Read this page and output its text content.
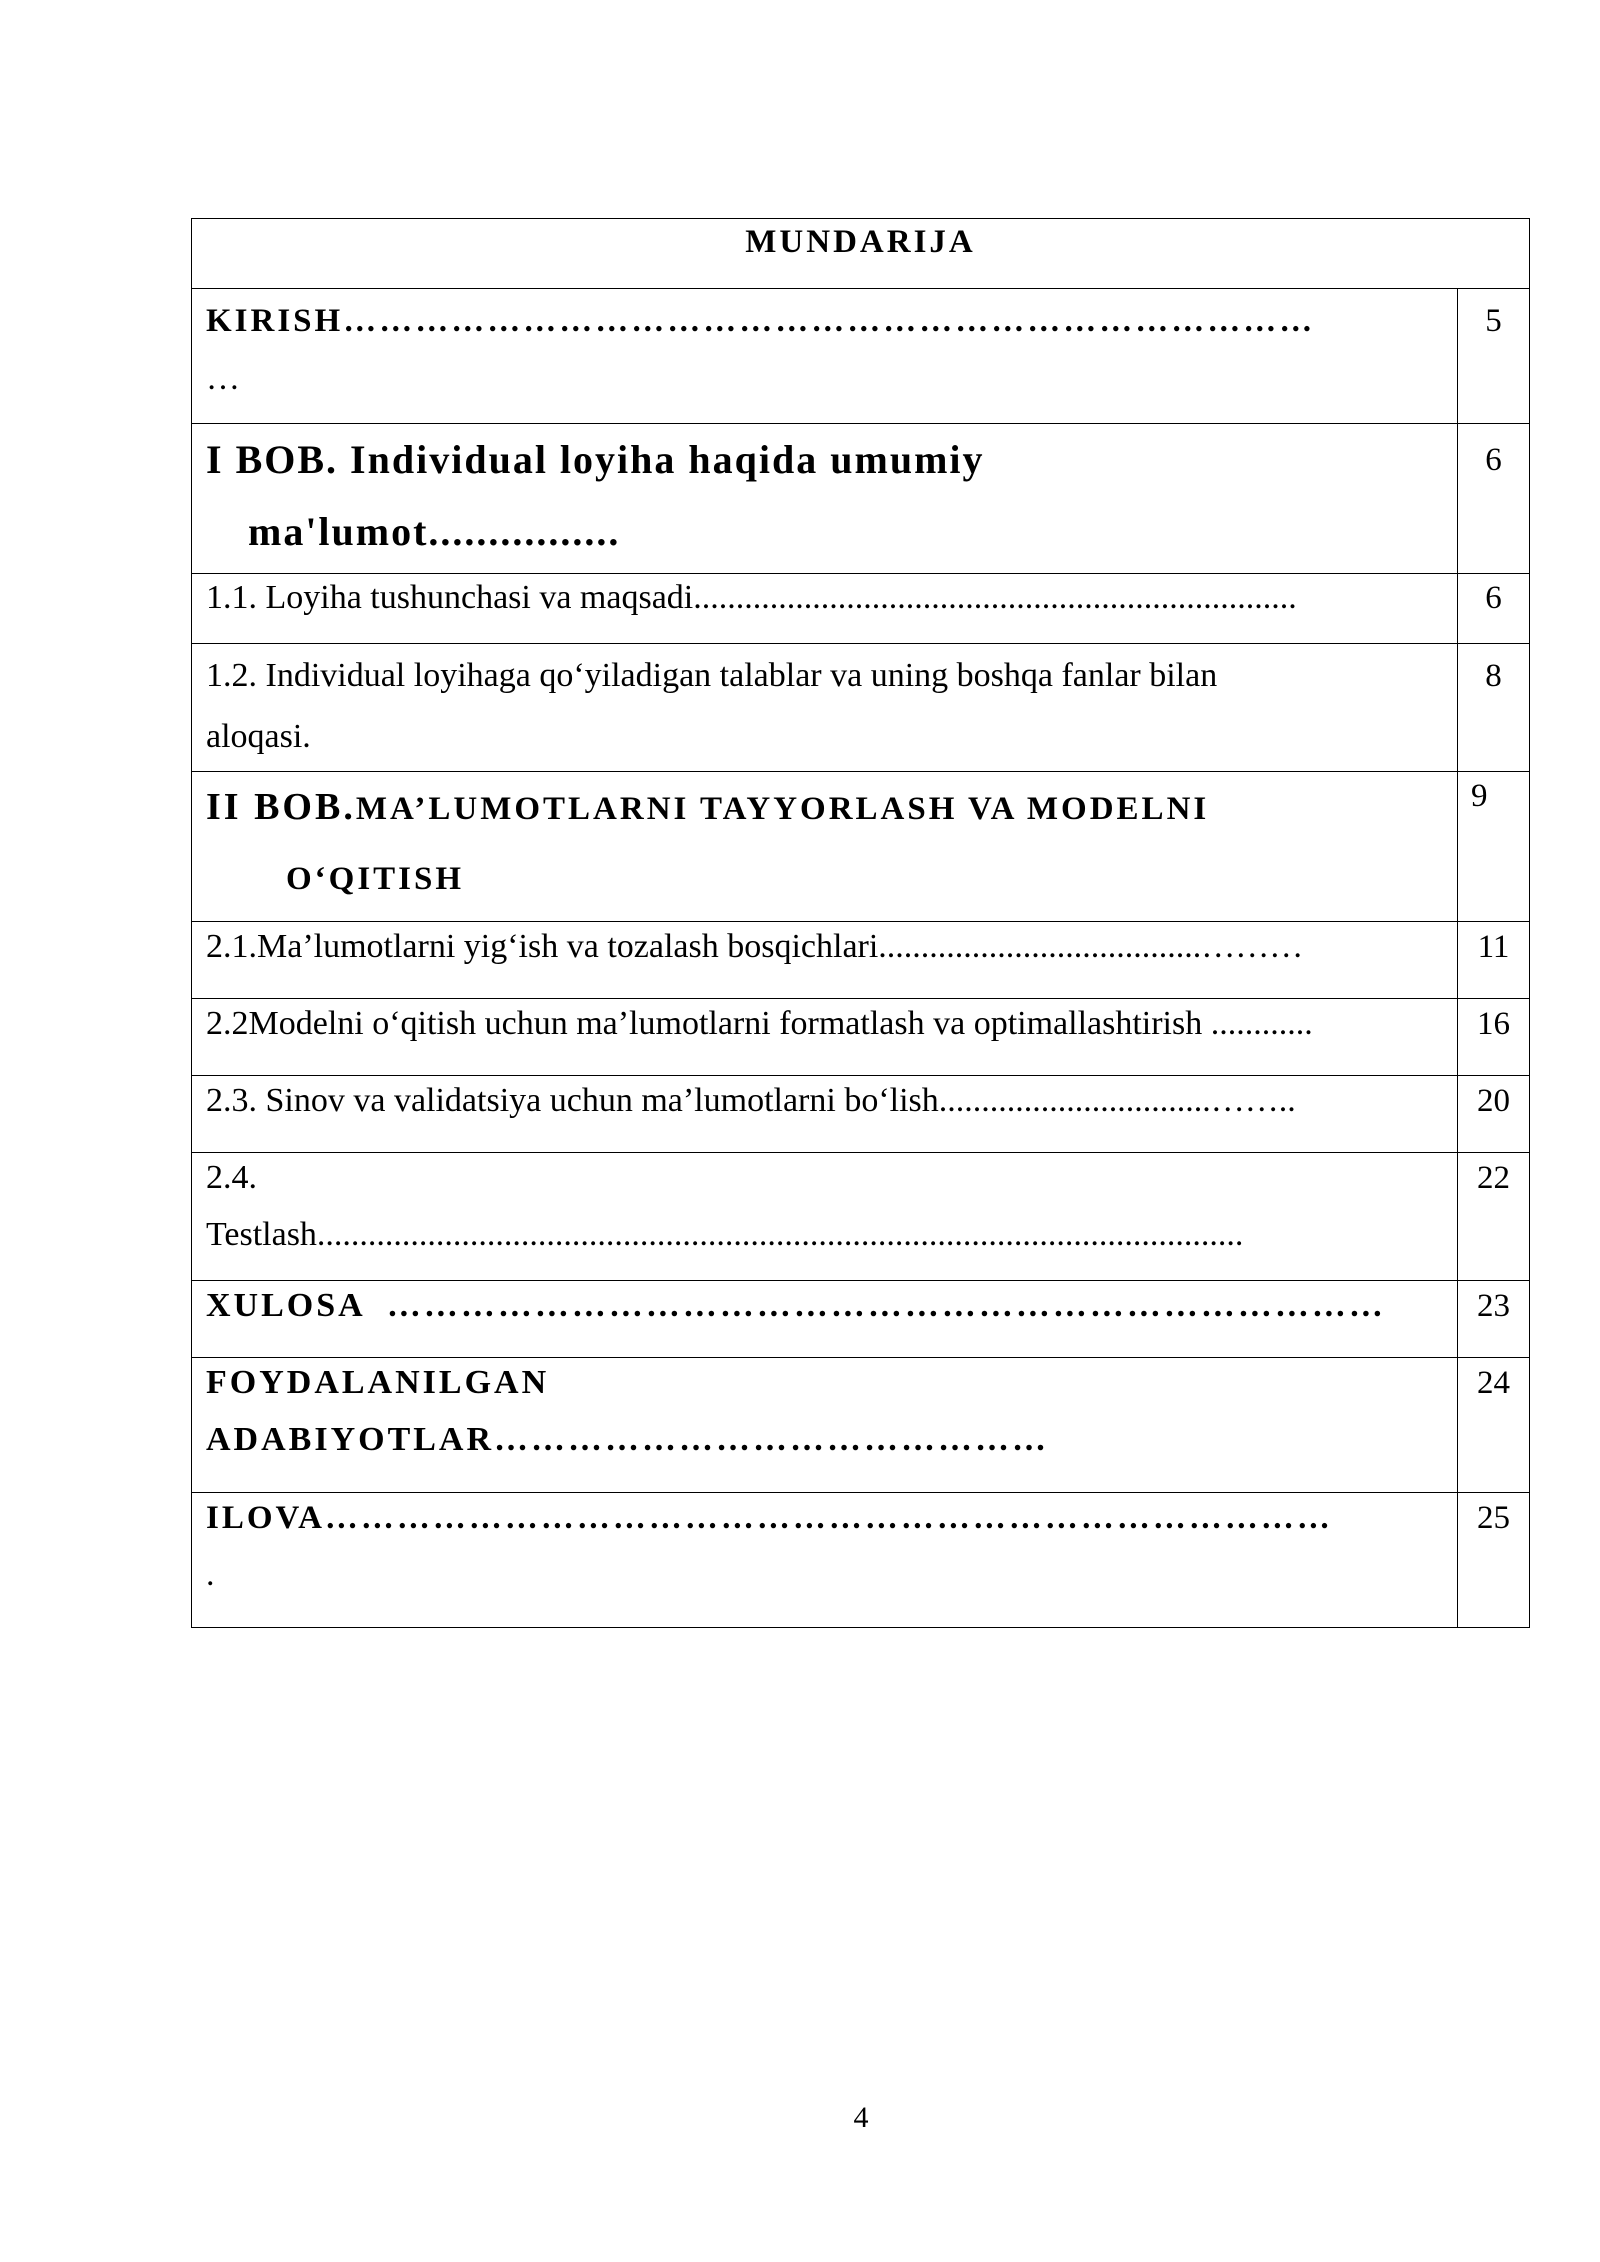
MUNDARIJA	

KIRISH………………………………………………………………………
…	5

I BOB. Individual loyiha haqida umumiy
ma'lumot................	6
1.1. Loyiha tushunchasi va maqsadi.......................................................................	6

1.2. Individual loyihaga qo‘yiladigan talablar va uning boshqa fanlar bilan
aloqasi.	8

II BOB.MA’LUMOTLARNI TAYYORLASH VA MODELNI
O‘QITISH	9
2.1.Ma’lumotlarni yig‘ish va tozalash bosqichlari......................................………	11
2.2Modelni o‘qitish uchun ma’lumotlarni formatlash va optimallashtirish ............	16
2.3. Sinov va validatsiya uchun ma’lumotlarni bo‘lish................................……..	20

2.4.
Testlash.............................................................................................................	22
XULOSA  ………………………………………………………………………	23

FOYDALANILGAN
ADABIYOTLAR………………………………………	24

ILOVA…………………………………………………………………………
.	25
4
